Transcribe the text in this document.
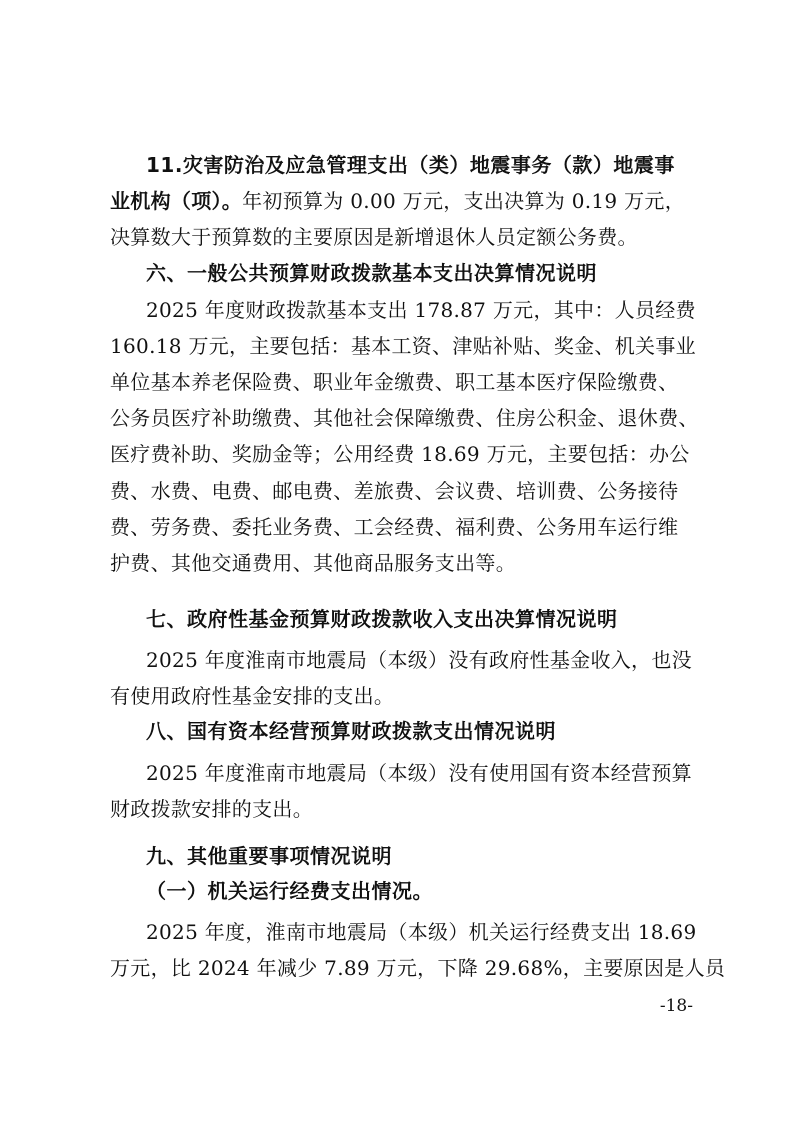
11.灾害防治及应急管理支出（类）地震事务（款）地震事
业机构（项）。年初预算为 0.00 万元，支出决算为 0.19 万元，
决算数大于预算数的主要原因是新增退休人员定额公务费。
六、一般公共预算财政拨款基本支出决算情况说明
2025 年度财政拨款基本支出 178.87 万元，其中：人员经费
160.18 万元，主要包括：基本工资、津贴补贴、奖金、机关事业
单位基本养老保险费、职业年金缴费、职工基本医疗保险缴费、
公务员医疗补助缴费、其他社会保障缴费、住房公积金、退休费、
医疗费补助、奖励金等；公用经费 18.69 万元，主要包括：办公
费、水费、电费、邮电费、差旅费、会议费、培训费、公务接待
费、劳务费、委托业务费、工会经费、福利费、公务用车运行维
护费、其他交通费用、其他商品服务支出等。
七、政府性基金预算财政拨款收入支出决算情况说明
2025 年度淮南市地震局（本级）没有政府性基金收入，也没
有使用政府性基金安排的支出。
八、国有资本经营预算财政拨款支出情况说明
2025 年度淮南市地震局（本级）没有使用国有资本经营预算
财政拨款安排的支出。
九、其他重要事项情况说明
（一）机关运行经费支出情况。
2025 年度，淮南市地震局（本级）机关运行经费支出 18.69
万元，比 2024 年减少 7.89 万元，下降 29.68%，主要原因是人员
-18-
